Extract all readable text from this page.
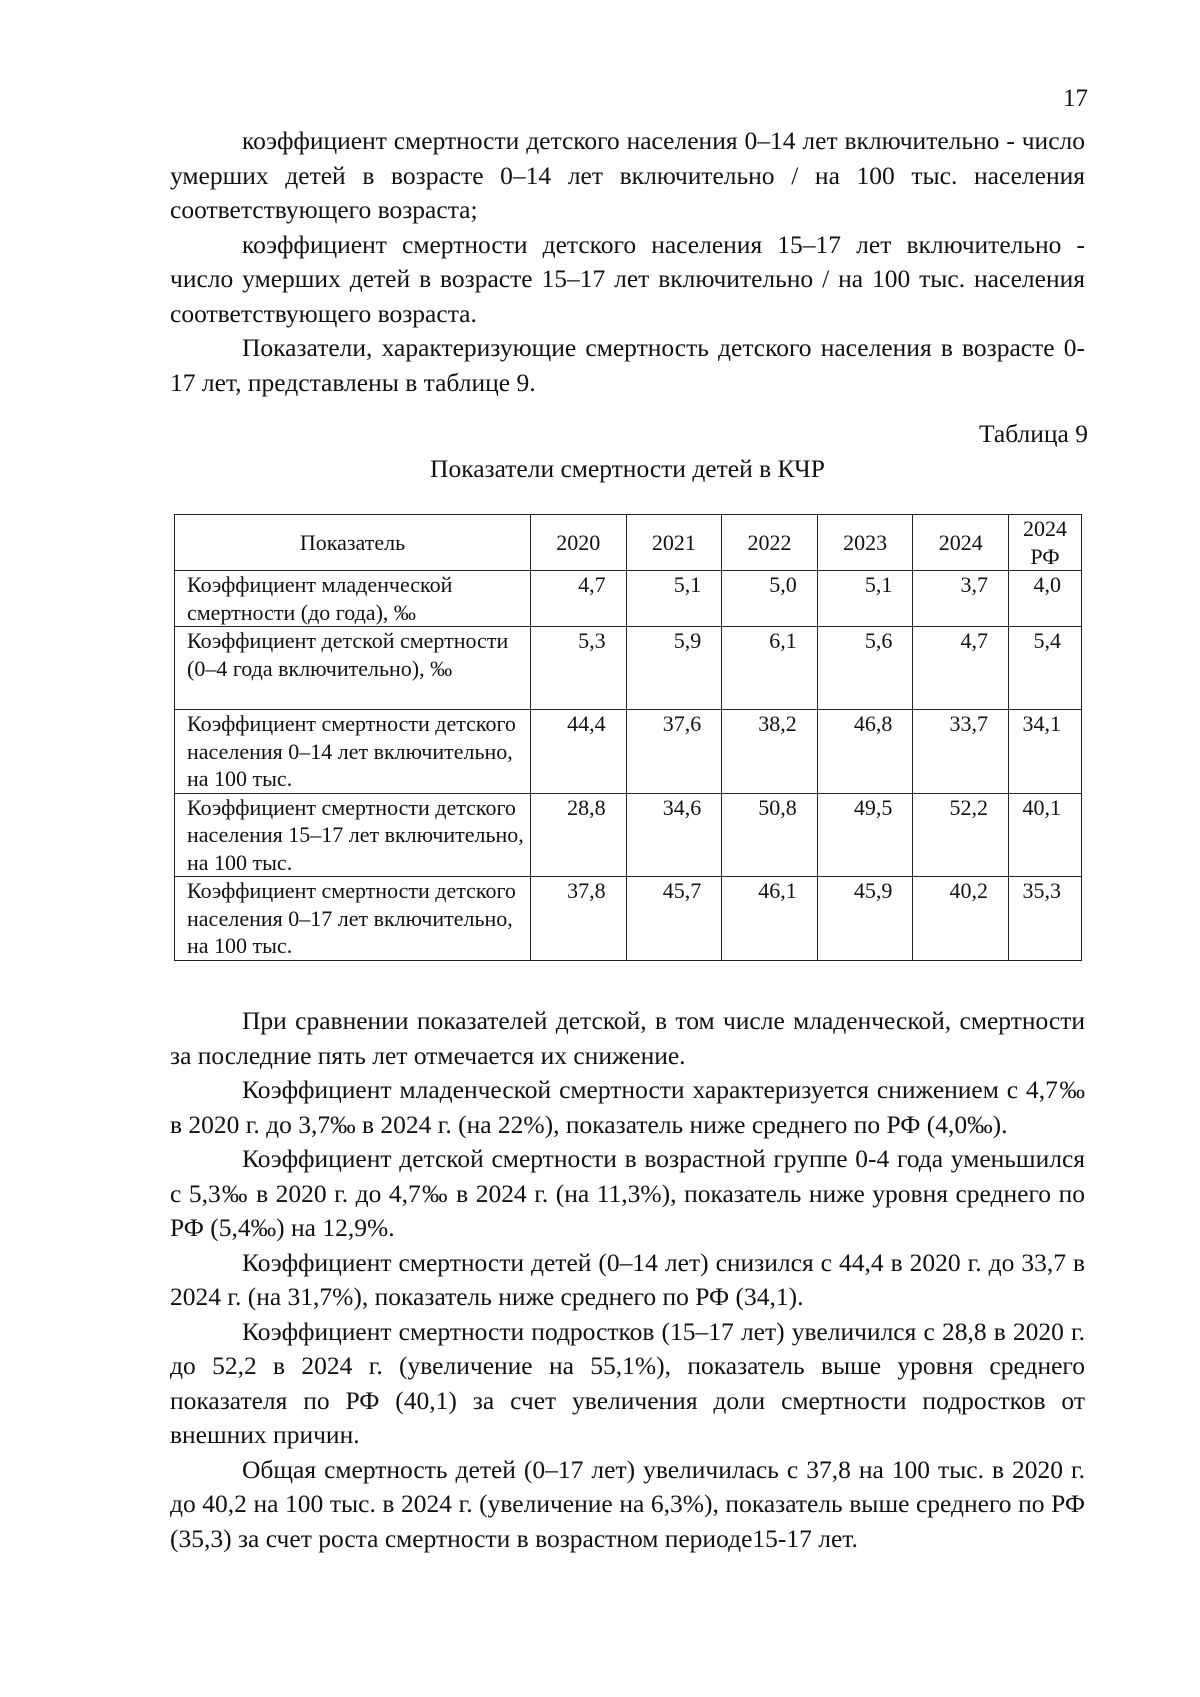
17

коэффициент смертности детского населения 0–14 лет включительно - число умерших детей в возрасте 0–14 лет включительно / на 100 тыс. населения соответствующего возраста;

коэффициент смертности детского населения 15–17 лет включительно - число умерших детей в возрасте 15–17 лет включительно / на 100 тыс. населения соответствующего возраста.

Показатели, характеризующие смертность детского населения в возрасте 0-17 лет, представлены в таблице 9.

Таблица 9
Показатели смертности детей в КЧР
Показатель	2020	2021	2022	2023	2024	2024 РФ
Коэффициент младенческой смертности (до года), ‰	4,7	5,1	5,0	5,1	3,7	4,0
Коэффициент детской смертности (0–4 года включительно), ‰	5,3	5,9	6,1	5,6	4,7	5,4
Коэффициент смертности детского населения 0–14 лет включительно, на 100 тыс.	44,4	37,6	38,2	46,8	33,7	34,1
Коэффициент смертности детского населения 15–17 лет включительно, на 100 тыс.	28,8	34,6	50,8	49,5	52,2	40,1
Коэффициент смертности детского населения 0–17 лет включительно, на 100 тыс.	37,8	45,7	46,1	45,9	40,2	35,3

При сравнении показателей детской, в том числе младенческой, смертности за последние пять лет отмечается их снижение.

Коэффициент младенческой смертности характеризуется снижением с 4,7‰ в 2020 г. до 3,7‰ в 2024 г. (на 22%), показатель ниже среднего по РФ (4,0‰).

Коэффициент детской смертности в возрастной группе 0-4 года уменьшился с 5,3‰ в 2020 г. до 4,7‰ в 2024 г. (на 11,3%), показатель ниже уровня среднего по РФ (5,4‰) на 12,9%.

Коэффициент смертности детей (0–14 лет) снизился с 44,4 в 2020 г. до 33,7 в 2024 г. (на 31,7%), показатель ниже среднего по РФ (34,1).

Коэффициент смертности подростков (15–17 лет) увеличился с 28,8 в 2020 г. до 52,2 в 2024 г. (увеличение на 55,1%), показатель выше уровня среднего показателя по РФ (40,1) за счет увеличения доли смертности подростков от внешних причин.

Общая смертность детей (0–17 лет) увеличилась с 37,8 на 100 тыс. в 2020 г. до 40,2 на 100 тыс. в 2024 г. (увеличение на 6,3%), показатель выше среднего по РФ (35,3) за счет роста смертности в возрастном периоде15-17 лет.
